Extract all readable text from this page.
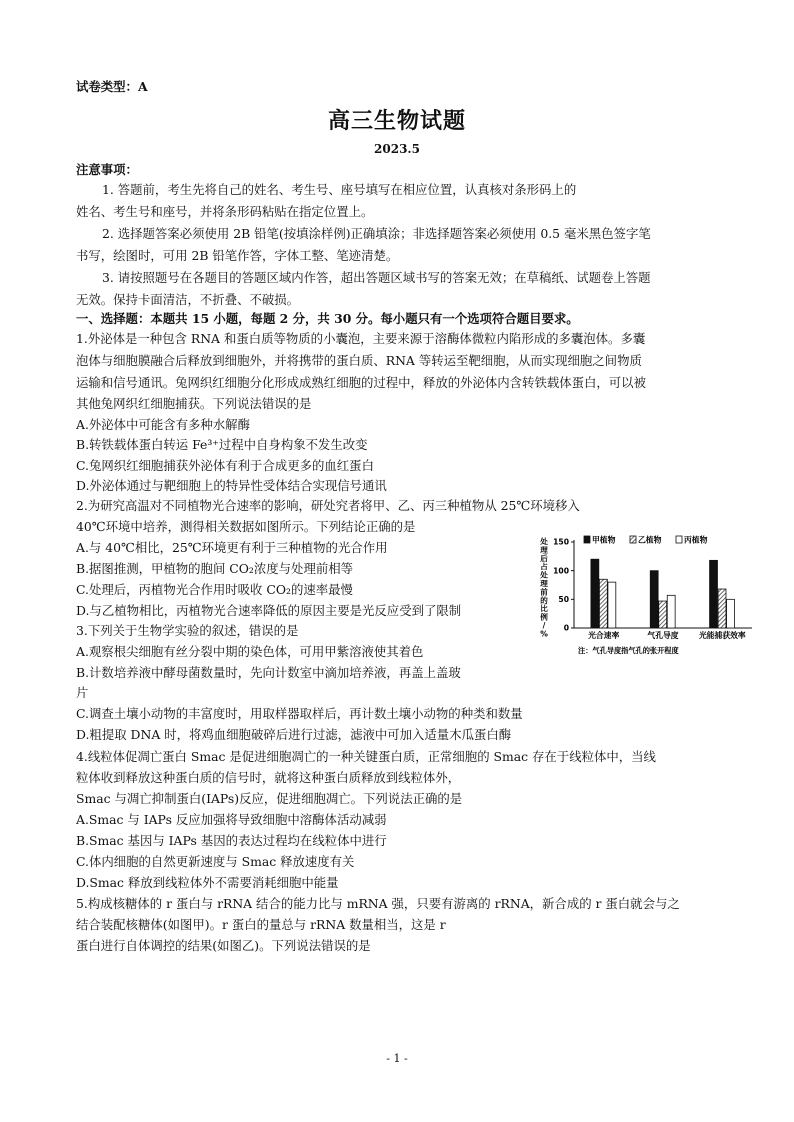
试卷类型：A
高三生物试题
2023.5
注意事项：
1. 答题前，考生先将自己的姓名、考生号、座号填写在相应位置，认真核对条形码上的
姓名、考生号和座号，并将条形码粘贴在指定位置上。
2. 选择题答案必须使用 2B 铅笔(按填涂样例)正确填涂；非选择题答案必须使用 0.5 毫米黑色签字笔
书写，绘图时，可用 2B 铅笔作答，字体工整、笔迹清楚。
3. 请按照题号在各题目的答题区域内作答，超出答题区域书写的答案无效；在草稿纸、试题卷上答题
无效。保持卡面清洁，不折叠、不破损。
一、选择题：本题共 15 小题，每题 2 分，共 30 分。每小题只有一个选项符合题目要求。
1.外泌体是一种包含 RNA 和蛋白质等物质的小囊泡，主要来源于溶酶体微粒内陷形成的多囊泡体。多囊
泡体与细胞膜融合后释放到细胞外，并将携带的蛋白质、RNA 等转运至靶细胞，从而实现细胞之间物质
运输和信号通讯。兔网织红细胞分化形成成熟红细胞的过程中，释放的外泌体内含转铁载体蛋白，可以被
其他兔网织红细胞捕获。下列说法错误的是
A.外泌体中可能含有多种水解酶
B.转铁载体蛋白转运 Fe³⁺过程中自身构象不发生改变
C.兔网织红细胞捕获外泌体有利于合成更多的血红蛋白
D.外泌体通过与靶细胞上的特异性受体结合实现信号通讯
2.为研究高温对不同植物光合速率的影响，研处究者将甲、乙、丙三种植物从 25℃环境移入
40℃环境中培养，测得相关数据如图所示。下列结论正确的是
A.与 40℃相比，25℃环境更有利于三种植物的光合作用
B.据图推测，甲植物的胞间 CO₂浓度与处理前相等
C.处理后，丙植物光合作用时吸收 CO₂的速率最慢
D.与乙植物相比，丙植物光合速率降低的原因主要是光反应受到了限制
3.下列关于生物学实验的叙述，错误的是
A.观察根尖细胞有丝分裂中期的染色体，可用甲紫溶液使其着色
B.计数培养液中酵母菌数量时，先向计数室中滴加培养液，再盖上盖玻
片
C.调查土壤小动物的丰富度时，用取样器取样后，再计数土壤小动物的种类和数量
D.粗提取 DNA 时，将鸡血细胞破碎后进行过滤，滤液中可加入适量木瓜蛋白酶
4.线粒体促凋亡蛋白 Smac 是促进细胞凋亡的一种关键蛋白质，正常细胞的 Smac 存在于线粒体中，当线
粒体收到释放这种蛋白质的信号时，就将这种蛋白质释放到线粒体外，
Smac 与凋亡抑制蛋白(IAPs)反应，促进细胞凋亡。下列说法正确的是
A.Smac 与 IAPs 反应加强将导致细胞中溶酶体活动减弱
B.Smac 基因与 IAPs 基因的表达过程均在线粒体中进行
C.体内细胞的自然更新速度与 Smac 释放速度有关
D.Smac 释放到线粒体外不需要消耗细胞中能量
5.构成核糖体的 r 蛋白与 rRNA 结合的能力比与 mRNA 强，只要有游离的 rRNA，新合成的 r 蛋白就会与之
结合装配核糖体(如图甲)。r 蛋白的量总与 rRNA 数量相当，这是 r
蛋白进行自体调控的结果(如图乙)。下列说法错误的是
处
理
后
占
处
理
前
的
比
例
/
%
0
50
100
150
光合速率	气孔导度	光能捕获效率
甲植物	乙植物	丙植物
注：气孔导度指气孔的张开程度
- 1 -
